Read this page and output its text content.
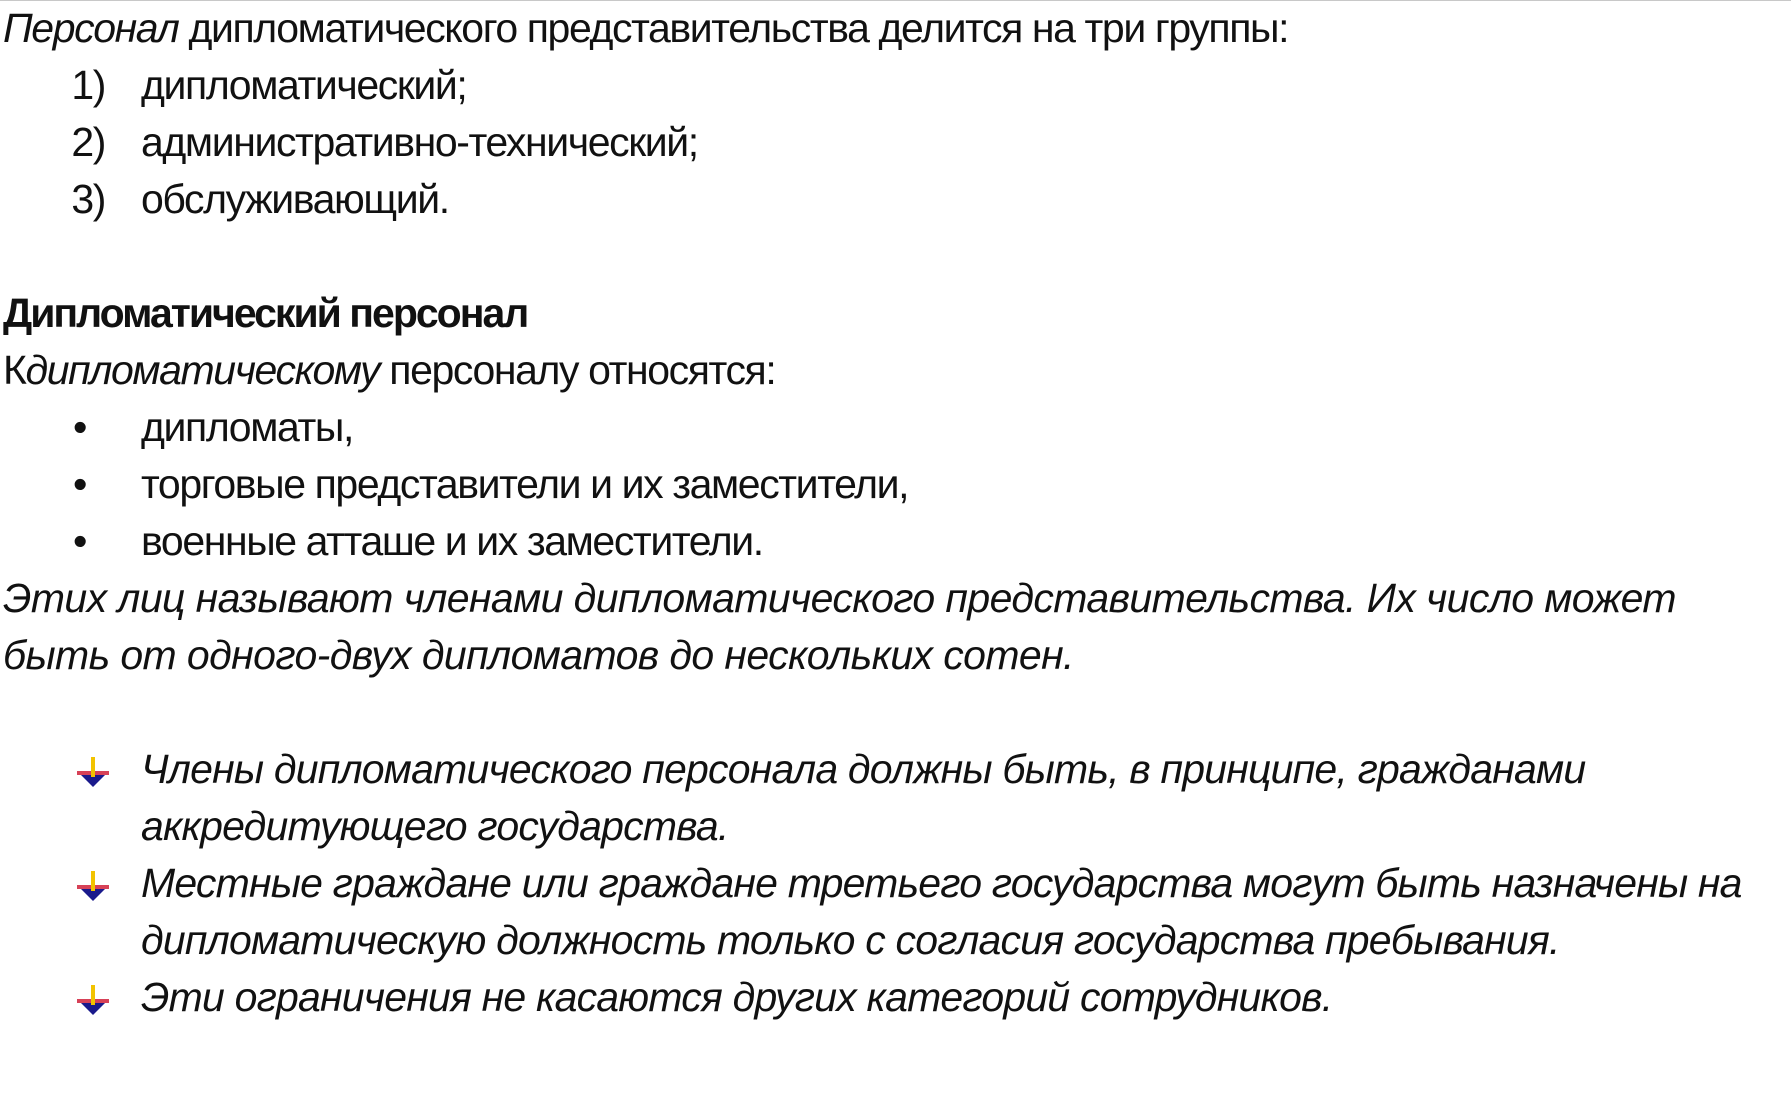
Персонал дипломатического представительства делится на три группы:
1) дипломатический;
2) административно-технический;
3) обслуживающий.
Дипломатический персонал
Кдипломатическому персоналу относятся:
• дипломаты,
• торговые представители и их заместители,
• военные атташе и их заместители.
Этих лиц называют членами дипломатического представительства. Их число может
быть от одного-двух дипломатов до нескольких сотен.
Члены дипломатического персонала должны быть, в принципе, гражданами аккредитующего государства.
Местные граждане или граждане третьего государства могут быть назначены на дипломатическую должность только с согласия государства пребывания.
Эти ограничения не касаются других категорий сотрудников.
